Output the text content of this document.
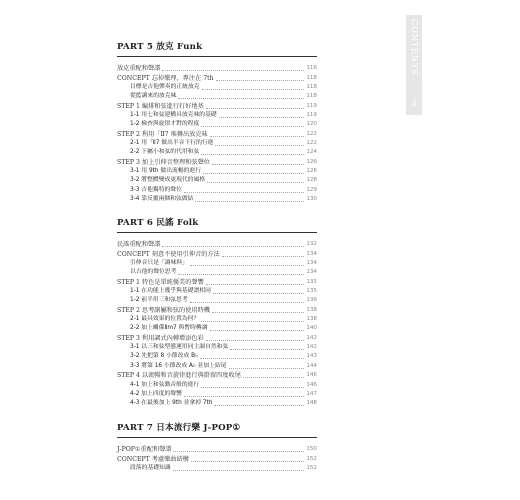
CONTENTS
目錄
PART 5 放克 Funk
放克重配和聲譜	116
CONCEPT 忘掉樂理，專注在 7th	118
目標是吉他彈奏的正統放克	118
從藍調來的放克味	118
STEP 1 編排和弦進行打好地基	119
1-1 用七和弦建構具放克味的基礎	119
1-2 檢查與旋律才對的程度	120
STEP 2 利用「Ⅱ7 堆疊出放克味	122
2-1 用「Ⅱ7 做出半音下行的行進	122
2-2 下屬小和弦的代用和弦	124
STEP 3 加上引伸音整理和弦聲位	126
3-1 用 9th 做出流暢的進行	126
3-2 將整體變成更現代的風格	128
3-3 吉他獨特的聲位	129
3-4 靠反覆兩個和弦做結	130
PART 6 民謠 Folk
民謠重配和聲譜	132
CONCEPT 刻意不使用引伸音的方法	134
引伸音只是「調味料」	134
以吉他的聲位思考	134
STEP 1 特色是單純優美的聲響	135
1-1 在功能上幾乎與基礎譜相同	135
1-2 前半用三和弦思考	136
STEP 2 思考副屬和弦的使用時機	138
2-1 最具效果的位置為何？	138
2-2 加上關係Ⅱm7 與暫時轉調	140
STEP 3 利用調式內轉增添色彩	142
3-1 以三和弦型態運用同主調自然和弦	142
3-2 先把第 8 小節改成 B♭	143
3-3 將第 16 小節改成 A♭ 並加上結尾	144
STEP 4 以流暢和音旋律進行與掛留四度收尾	146
4-1 加上和弦動音般的進行	146
4-2 加上四度的聲響	147
4-3 在最後加上 9th 並拿掉 7th	148
PART 7 日本流行樂 J-POP①
J-POP①重配和聲譜	150
CONCEPT 考慮樂曲結構	152
段落的基礎知識	152
